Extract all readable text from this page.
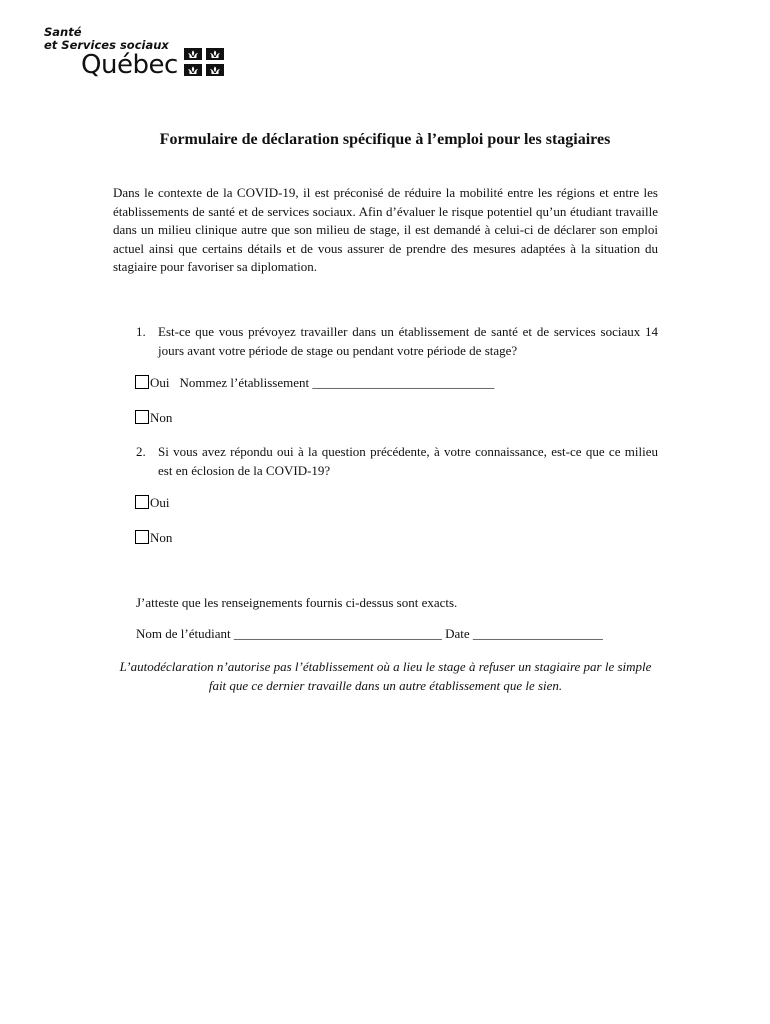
Santé
et Services sociaux
Québec
Formulaire de déclaration spécifique à l’emploi pour les stagiaires

Dans le contexte de la COVID-19, il est préconisé de réduire la mobilité entre les régions et entre les établissements de santé et de services sociaux. Afin d’évaluer le risque potentiel qu’un étudiant travaille dans un milieu clinique autre que son milieu de stage, il est demandé à celui-ci de déclarer son emploi actuel ainsi que certains détails et de vous assurer de prendre des mesures adaptées à la situation du stagiaire pour favoriser sa diplomation.

1. Est-ce que vous prévoyez travailler dans un établissement de santé et de services sociaux 14 jours avant votre période de stage ou pendant votre période de stage?
Oui Nommez l’établissement ____________________________
Non
2. Si vous avez répondu oui à la question précédente, à votre connaissance, est-ce que ce milieu est en éclosion de la COVID-19?
Oui
Non

J’atteste que les renseignements fournis ci-dessus sont exacts.

Nom de l’étudiant ________________________________ Date ____________________

L’autodéclaration n’autorise pas l’établissement où a lieu le stage à refuser un stagiaire par le simple fait que ce dernier travaille dans un autre établissement que le sien.
